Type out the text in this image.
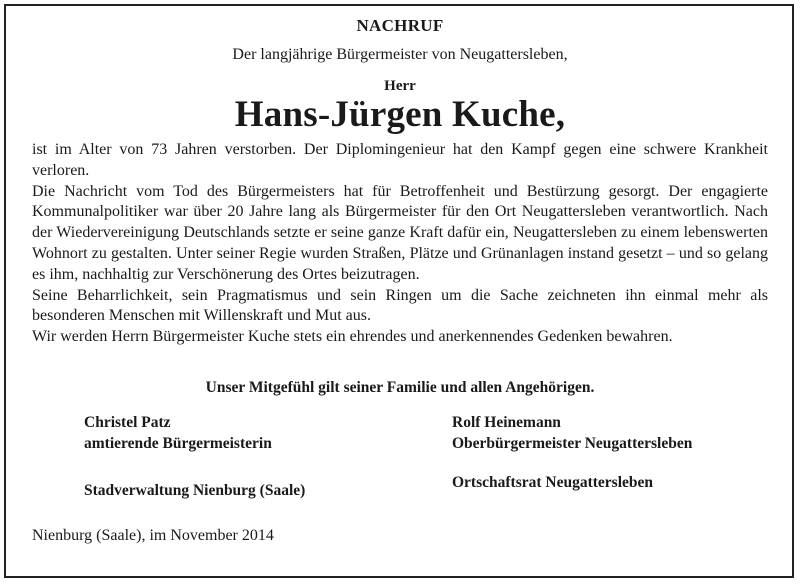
NACHRUF
Der langjährige Bürgermeister von Neugattersleben,
Herr
Hans-Jürgen Kuche,

ist im Alter von 73 Jahren verstorben. Der Diplomingenieur hat den Kampf gegen eine schwere Krankheit verloren.

Die Nachricht vom Tod des Bürgermeisters hat für Betroffenheit und Bestürzung gesorgt. Der engagierte Kommunalpolitiker war über 20 Jahre lang als Bürgermeister für den Ort Neugattersleben verantwortlich. Nach der Wiedervereinigung Deutschlands setzte er seine ganze Kraft dafür ein, Neugattersleben zu einem lebenswerten Wohnort zu gestalten. Unter seiner Regie wurden Straßen, Plätze und Grünanlagen instand gesetzt – und so gelang es ihm, nachhaltig zur Verschönerung des Ortes beizutragen.

Seine Beharrlichkeit, sein Pragmatismus und sein Ringen um die Sache zeichneten ihn einmal mehr als besonderen Menschen mit Willenskraft und Mut aus.

Wir werden Herrn Bürgermeister Kuche stets ein ehrendes und anerkennendes Gedenken bewahren.

Unser Mitgefühl gilt seiner Familie und allen Angehörigen.
Christel Patz
amtierende Bürgermeisterin
Rolf Heinemann
Oberbürgermeister Neugattersleben
Stadverwaltung Nienburg (Saale)	Ortschaftsrat Neugattersleben
Nienburg (Saale), im November 2014
